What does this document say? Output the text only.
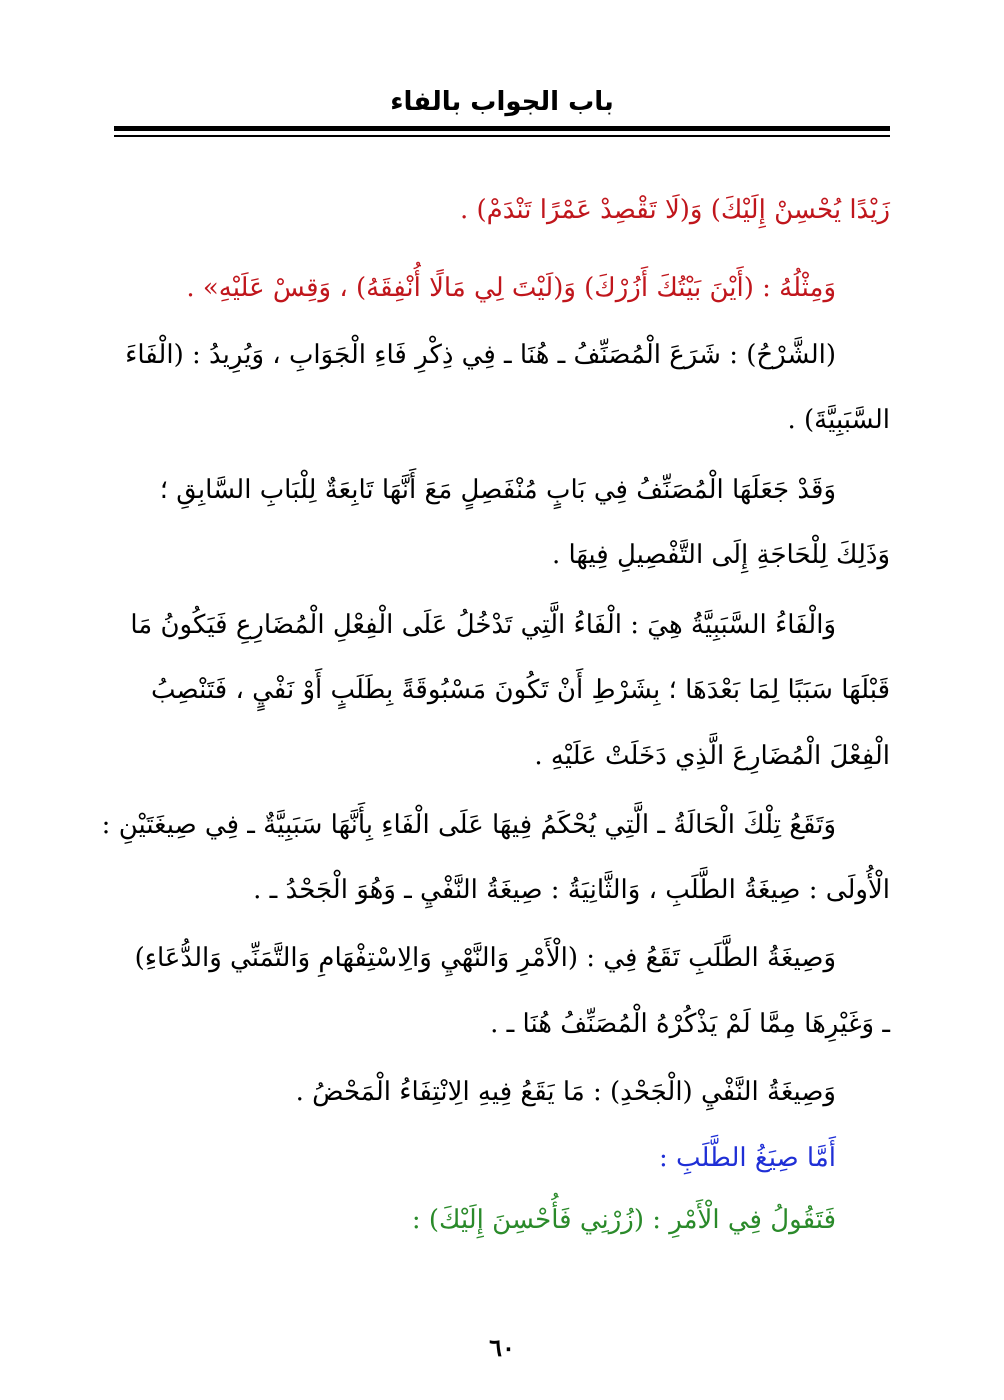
باب الجواب بالفاء
زَيْدًا يُحْسِنْ إِلَيْكَ) وَ(لَا تَقْصِدْ عَمْرًا تَنْدَمْ) .
وَمِثْلُهُ : (أَيْنَ بَيْتُكَ أَزُرْكَ) وَ(لَيْتَ لِي مَالًا أُنْفِقَهُ) ، وَقِسْ عَلَيْهِ» .
(الشَّرْحُ) : شَرَعَ الْمُصَنِّفُ ـ هُنَا ـ فِي ذِكْرِ فَاءِ الْجَوَابِ ، وَيُرِيدُ : (الْفَاءَ
السَّبَبِيَّةَ) .
وَقَدْ جَعَلَهَا الْمُصَنِّفُ فِي بَابٍ مُنْفَصِلٍ مَعَ أَنَّهَا تَابِعَةٌ لِلْبَابِ السَّابِقِ ؛
وَذَلِكَ لِلْحَاجَةِ إِلَى التَّفْصِيلِ فِيهَا .
وَالْفَاءُ السَّبَبِيَّةُ هِيَ : الْفَاءُ الَّتِي تَدْخُلُ عَلَى الْفِعْلِ الْمُضَارِعِ فَيَكُونُ مَا
قَبْلَهَا سَبَبًا لِمَا بَعْدَهَا ؛ بِشَرْطِ أَنْ تَكُونَ مَسْبُوقَةً بِطَلَبٍ أَوْ نَفْيٍ ، فَتَنْصِبُ
الْفِعْلَ الْمُضَارِعَ الَّذِي دَخَلَتْ عَلَيْهِ .
وَتَقَعُ تِلْكَ الْحَالَةُ ـ الَّتِي يُحْكَمُ فِيهَا عَلَى الْفَاءِ بِأَنَّهَا سَبَبِيَّةٌ ـ فِي صِيغَتَيْنِ :
الْأُولَى : صِيغَةُ الطَّلَبِ ، وَالثَّانِيَةُ : صِيغَةُ النَّفْيِ ـ وَهُوَ الْجَحْدُ ـ .
وَصِيغَةُ الطَّلَبِ تَقَعُ فِي : (الْأَمْرِ وَالنَّهْيِ وَالِاسْتِفْهَامِ وَالتَّمَنِّي وَالدُّعَاءِ)
ـ وَغَيْرِهَا مِمَّا لَمْ يَذْكُرْهُ الْمُصَنِّفُ هُنَا ـ .
وَصِيغَةُ النَّفْيِ (الْجَحْدِ) : مَا يَقَعُ فِيهِ الِانْتِفَاءُ الْمَحْضُ .
أَمَّا صِيَغُ الطَّلَبِ :
فَتَقُولُ فِي الْأَمْرِ : (زُرْنِي فَأُحْسِنَ إِلَيْكَ) :
٦٠
